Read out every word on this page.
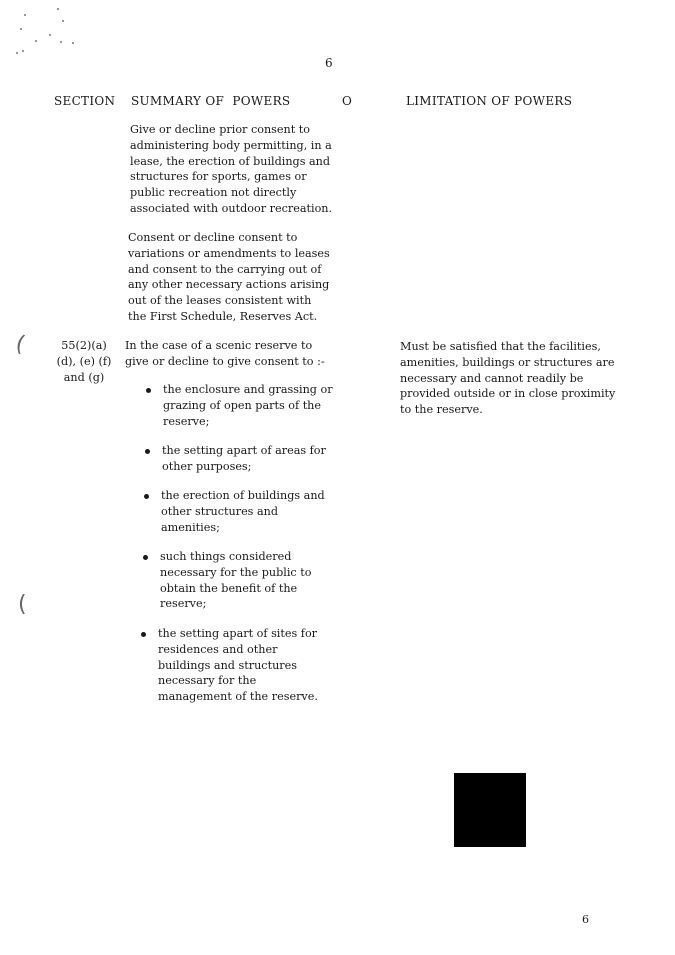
6
SECTION SUMMARY OF  POWERS	O	LIMITATION OF POWERS
Give or decline prior consent to administering body permitting, in a lease, the erection of buildings and structures for sports, games or public recreation not directly associated with outdoor recreation.
Consent or decline consent to variations or amendments to leases and consent to the carrying out of any other necessary actions arising out of the leases consistent with the First Schedule, Reserves Act.
(
(
55(2)(a) (d), (e) (f) and (g)
In the case of a scenic reserve to give or decline to give consent to :-
the enclosure and grassing or grazing of open parts of the reserve;
the setting apart of areas for other purposes;
the erection of buildings and other structures and amenities;
such things considered necessary for the public to obtain the benefit of the reserve;
the setting apart of sites for residences and other buildings and structures necessary for the management of the reserve.
Must be satisfied that the facilities, amenities, buildings or structures are necessary and cannot readily be provided outside or in close proximity to the reserve.
6
